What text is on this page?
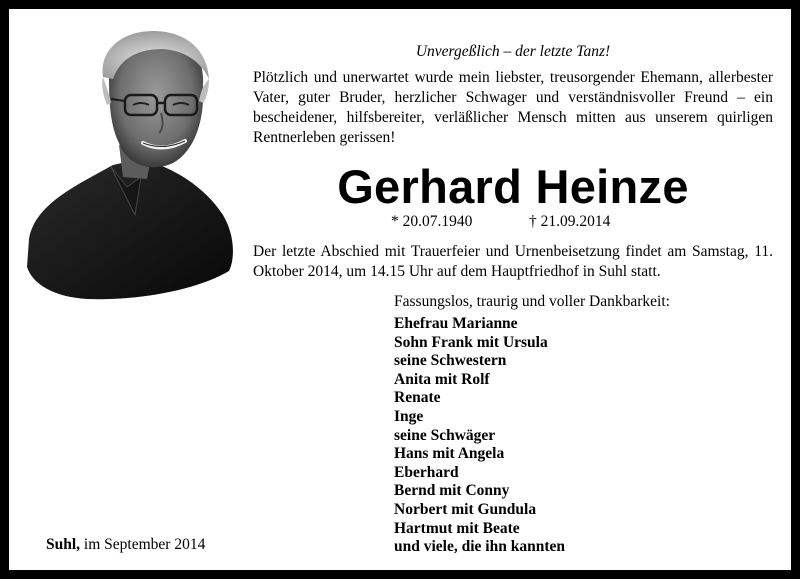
Unvergeßlich – der letzte Tanz!
Plötzlich und unerwartet wurde mein liebster, treusorgender Ehemann, allerbester Vater, guter Bruder, herzlicher Schwager und verständnisvoller Freund – ein bescheidener, hilfsbereiter, verläßlicher Mensch mitten aus unserem quirligen Rentnerleben gerissen!
Gerhard Heinze
* 20.07.1940	† 21.09.2014
Der letzte Abschied mit Trauerfeier und Urnenbeisetzung findet am Samstag, 11. Oktober 2014, um 14.15 Uhr auf dem Hauptfriedhof in Suhl statt.
Fassungslos, traurig und voller Dankbarkeit:
Ehefrau Marianne
Sohn Frank mit Ursula
seine Schwestern
Anita mit Rolf
Renate
Inge
seine Schwäger
Hans mit Angela
Eberhard
Bernd mit Conny
Norbert mit Gundula
Hartmut mit Beate
und viele, die ihn kannten
Suhl, im September 2014
